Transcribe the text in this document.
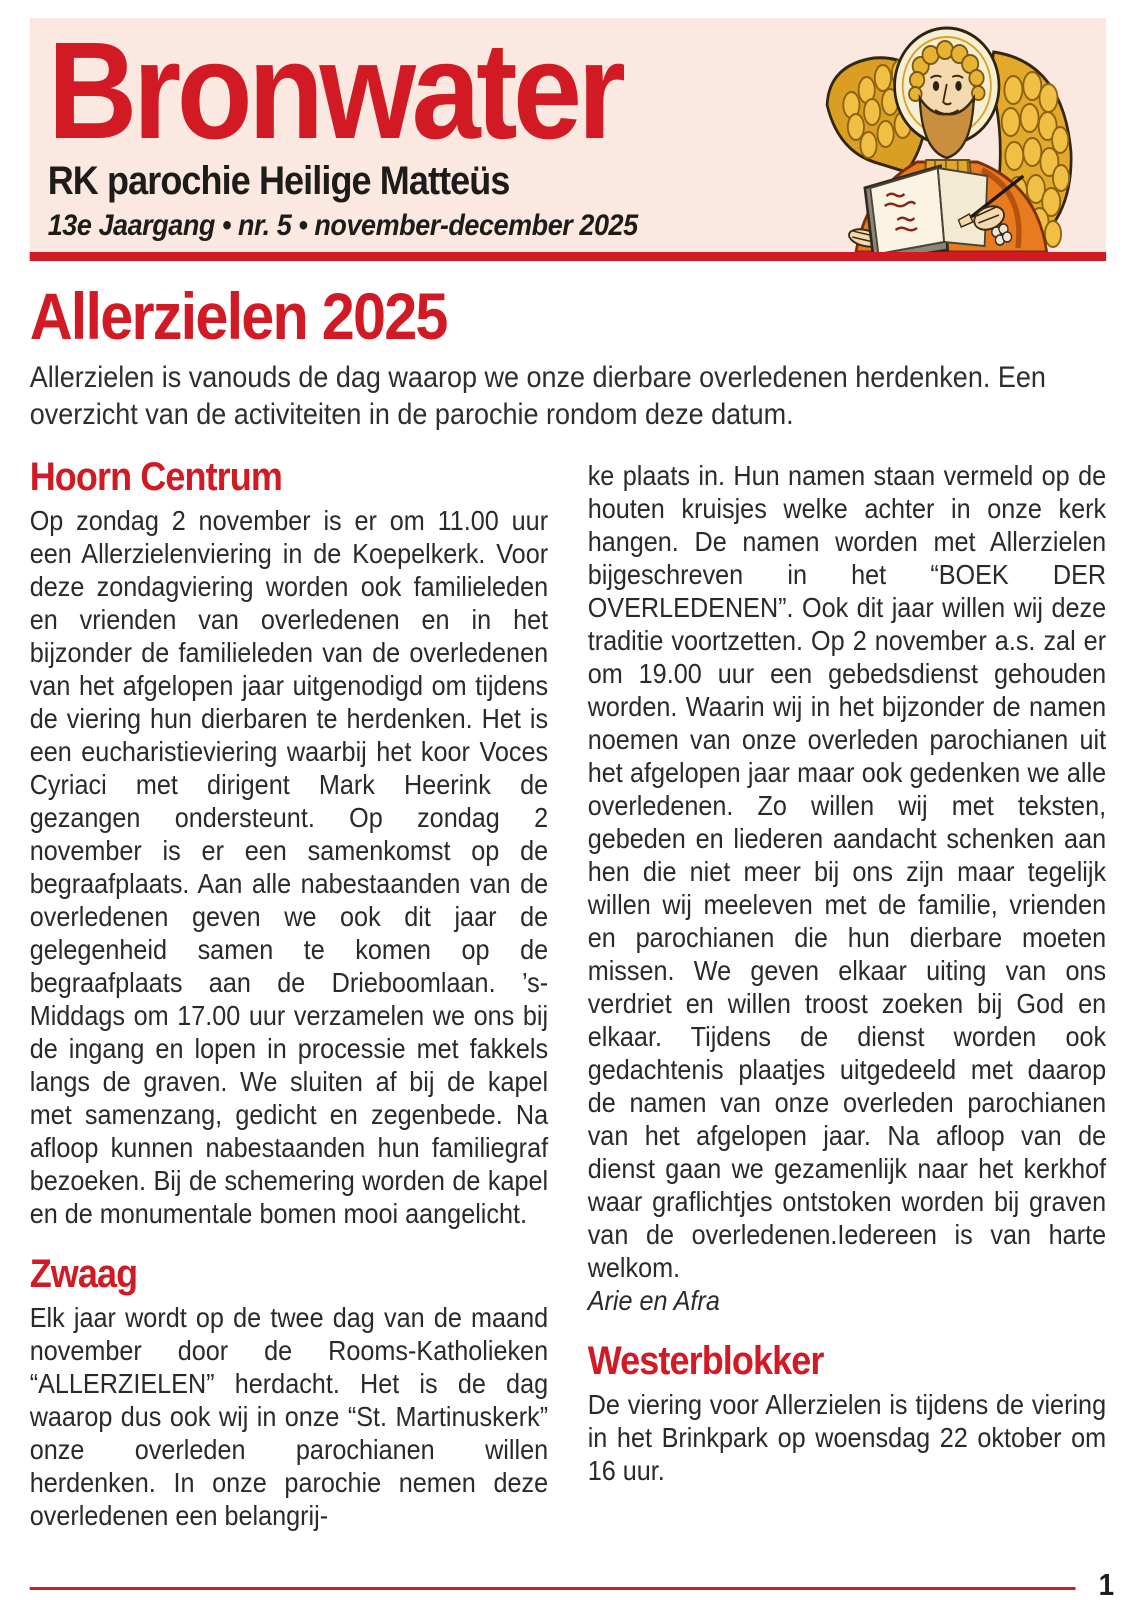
Bronwater
RK parochie Heilige Matteüs
13e Jaargang • nr. 5 • november-december 2025
Allerzielen 2025

Allerzielen is vanouds de dag waarop we onze dierbare overledenen herdenken. Een overzicht van de activiteiten in de parochie rondom deze datum.

Hoorn Centrum

Op zondag 2 november is er om 11.00 uur een Allerzielenviering in de Koepelkerk. Voor deze zondagviering worden ook familieleden en vrienden van overledenen en in het bijzonder de familieleden van de overledenen van het afgelopen jaar uitgenodigd om tijdens de viering hun dierbaren te herdenken. Het is een eucharistieviering waarbij het koor Voces Cyriaci met dirigent Mark Heerink de gezangen ondersteunt. Op zondag 2 november is er een samenkomst op de begraafplaats. Aan alle nabestaanden van de overledenen geven we ook dit jaar de gelegenheid samen te komen op de begraafplaats aan de Drieboomlaan. ’s-Middags om 17.00 uur verzamelen we ons bij de ingang en lopen in processie met fakkels langs de graven. We sluiten af bij de kapel met samenzang, gedicht en zegenbede. Na afloop kunnen nabestaanden hun familiegraf bezoeken. Bij de schemering worden de kapel en de monumentale bomen mooi aangelicht.

Zwaag

Elk jaar wordt op de twee dag van de maand november door de Rooms-Katholieken “ALLERZIELEN” herdacht. Het is de dag waarop dus ook wij in onze “St. Martinuskerk” onze overleden parochianen willen herdenken. In onze parochie nemen deze overledenen een belangrij-

ke plaats in. Hun namen staan vermeld op de houten kruisjes welke achter in onze kerk hangen. De namen worden met Allerzielen bijgeschreven in het “BOEK DER OVERLEDENEN”. Ook dit jaar willen wij deze traditie voortzetten. Op 2 november a.s. zal er om 19.00 uur een gebedsdienst gehouden worden. Waarin wij in het bijzonder de namen noemen van onze overleden parochianen uit het afgelopen jaar maar ook gedenken we alle overledenen. Zo willen wij met teksten, gebeden en liederen aandacht schenken aan hen die niet meer bij ons zijn maar tegelijk willen wij meeleven met de familie, vrienden en parochianen die hun dierbare moeten missen. We geven elkaar uiting van ons verdriet en willen troost zoeken bij God en elkaar. Tijdens de dienst worden ook gedachtenis plaatjes uitgedeeld met daarop de namen van onze overleden parochianen van het afgelopen jaar. Na afloop van de dienst gaan we gezamenlijk naar het kerkhof waar graflichtjes ontstoken worden bij graven van de overledenen.Iedereen is van harte welkom.

Arie en Afra

Westerblokker

De viering voor Allerzielen is tijdens de viering in het Brinkpark op woensdag 22 oktober om 16 uur.

1
